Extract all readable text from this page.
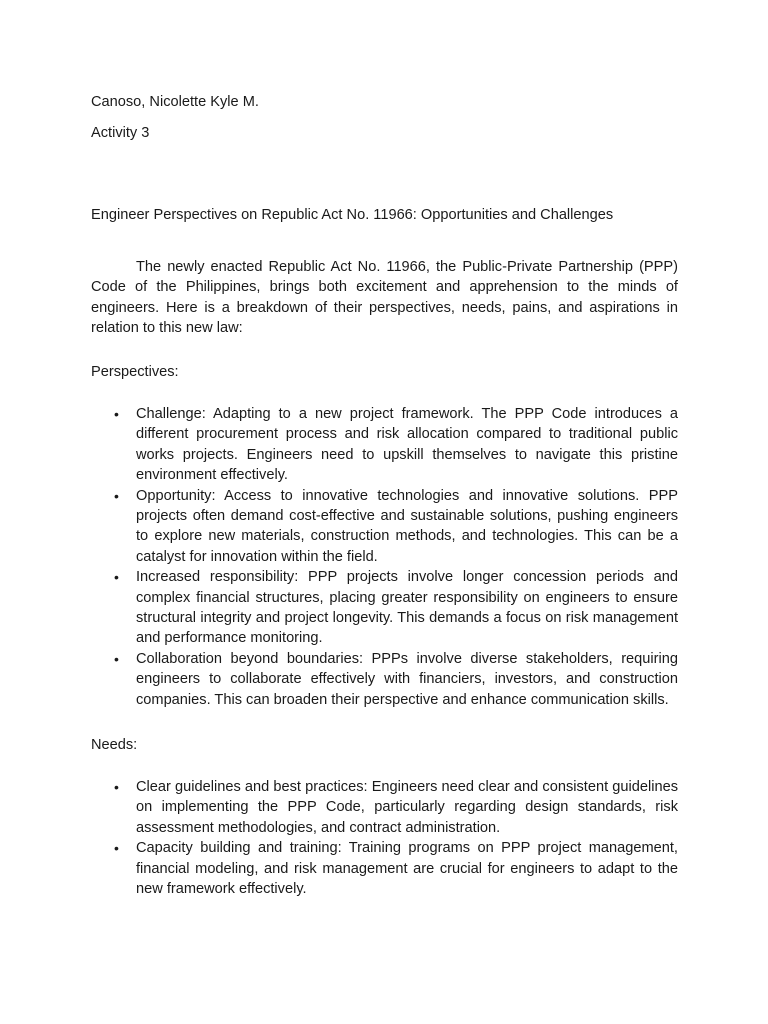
Canoso, Nicolette Kyle M.

Activity 3

Engineer Perspectives on Republic Act No. 11966: Opportunities and Challenges

The newly enacted Republic Act No. 11966, the Public-Private Partnership (PPP) Code of the Philippines, brings both excitement and apprehension to the minds of engineers. Here is a breakdown of their perspectives, needs, pains, and aspirations in relation to this new law:

Perspectives:

• Challenge: Adapting to a new project framework. The PPP Code introduces a different procurement process and risk allocation compared to traditional public works projects. Engineers need to upskill themselves to navigate this pristine environment effectively.
• Opportunity: Access to innovative technologies and innovative solutions. PPP projects often demand cost-effective and sustainable solutions, pushing engineers to explore new materials, construction methods, and technologies. This can be a catalyst for innovation within the field.
• Increased responsibility: PPP projects involve longer concession periods and complex financial structures, placing greater responsibility on engineers to ensure structural integrity and project longevity. This demands a focus on risk management and performance monitoring.
• Collaboration beyond boundaries: PPPs involve diverse stakeholders, requiring engineers to collaborate effectively with financiers, investors, and construction companies. This can broaden their perspective and enhance communication skills.

Needs:

• Clear guidelines and best practices: Engineers need clear and consistent guidelines on implementing the PPP Code, particularly regarding design standards, risk assessment methodologies, and contract administration.
• Capacity building and training: Training programs on PPP project management, financial modeling, and risk management are crucial for engineers to adapt to the new framework effectively.
